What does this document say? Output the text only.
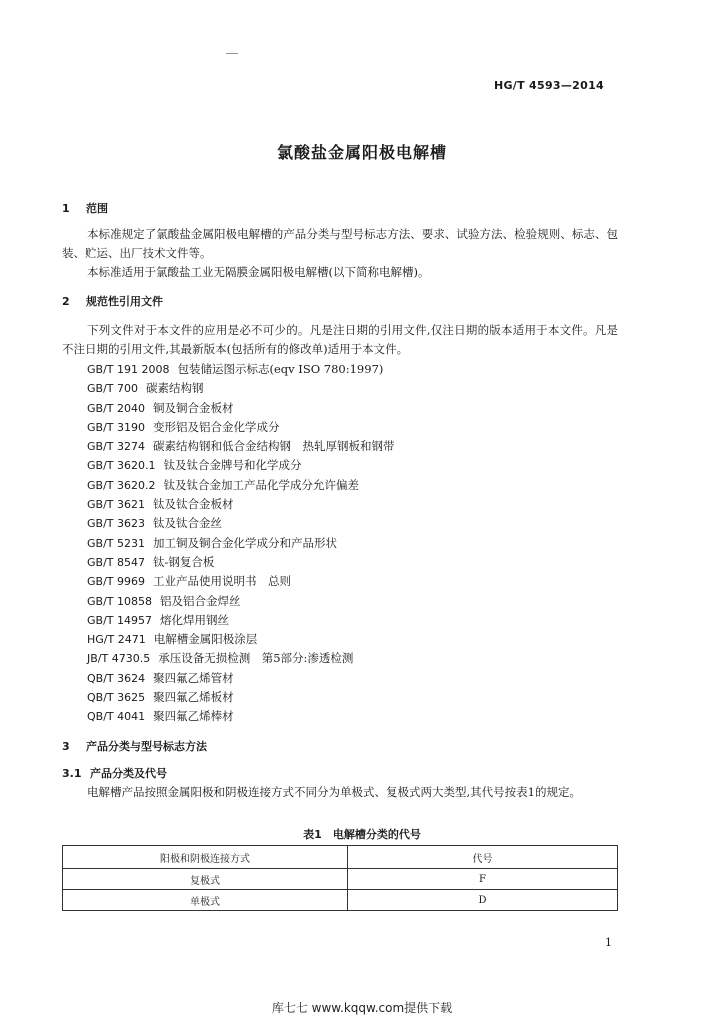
HG/T 4593—2014
氯酸盐金属阳极电解槽
1 范围
本标准规定了氯酸盐金属阳极电解槽的产品分类与型号标志方法、要求、试验方法、检验规则、标志、包装、贮运、出厂技术文件等。
本标准适用于氯酸盐工业无隔膜金属阳极电解槽(以下简称电解槽)。
2 规范性引用文件
下列文件对于本文件的应用是必不可少的。凡是注日期的引用文件,仅注日期的版本适用于本文件。凡是不注日期的引用文件,其最新版本(包括所有的修改单)适用于本文件。
GB/T 191 2008 包装储运图示标志(eqv ISO 780:1997)
GB/T 700 碳素结构钢
GB/T 2040 铜及铜合金板材
GB/T 3190 变形铝及铝合金化学成分
GB/T 3274 碳素结构钢和低合金结构钢　热轧厚钢板和钢带
GB/T 3620.1 钛及钛合金牌号和化学成分
GB/T 3620.2 钛及钛合金加工产品化学成分允许偏差
GB/T 3621 钛及钛合金板材
GB/T 3623 钛及钛合金丝
GB/T 5231 加工铜及铜合金化学成分和产品形状
GB/T 8547 钛-钢复合板
GB/T 9969 工业产品使用说明书　总则
GB/T 10858 铝及铝合金焊丝
GB/T 14957 熔化焊用钢丝
HG/T 2471 电解槽金属阳极涂层
JB/T 4730.5 承压设备无损检测　第5部分:渗透检测
QB/T 3624 聚四氟乙烯管材
QB/T 3625 聚四氟乙烯板材
QB/T 4041 聚四氟乙烯棒材
3 产品分类与型号标志方法
3.1 产品分类及代号
电解槽产品按照金属阳极和阴极连接方式不同分为单极式、复极式两大类型,其代号按表1的规定。
表1　电解槽分类的代号
阳极和阴极连接方式	代号
复极式	F
单极式	D
1
库七七 www.kqqw.com提供下载
